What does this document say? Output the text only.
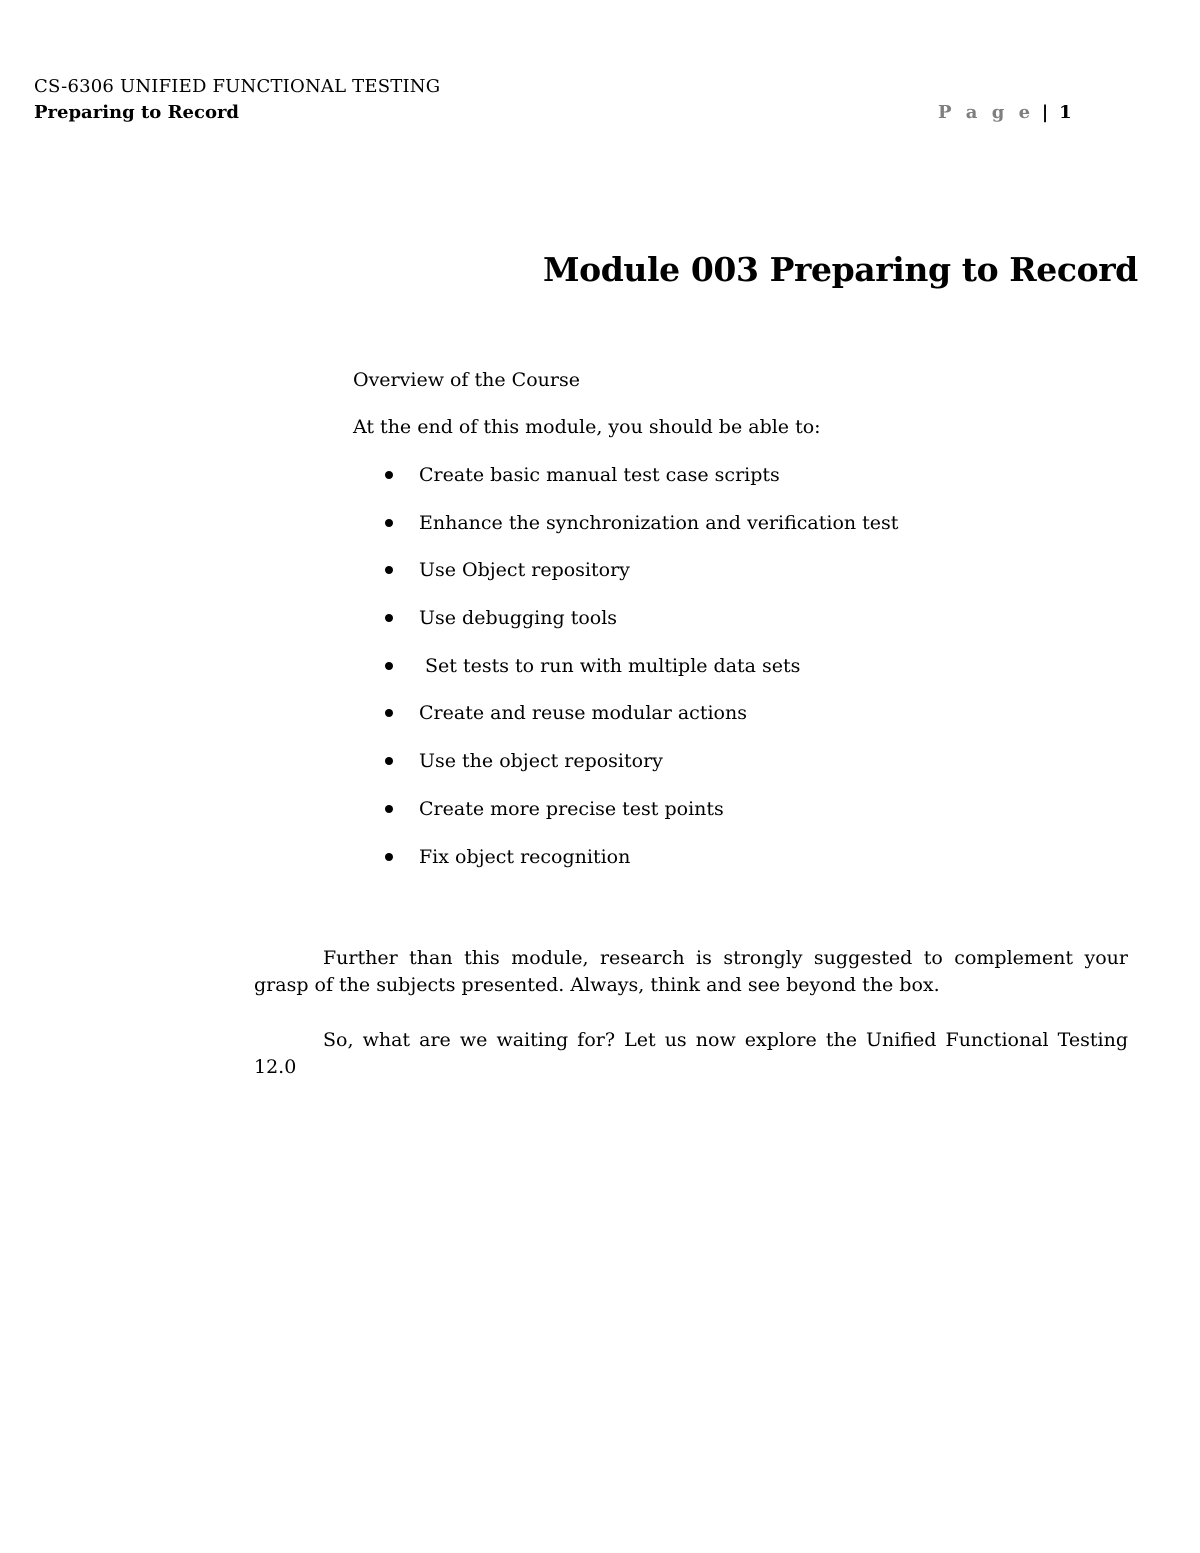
CS-6306 UNIFIED FUNCTIONAL TESTING
Preparing to Record	P a g e | 1
Module 003 Preparing to Record
Overview of the Course
At the end of this module, you should be able to:

Create basic manual test case scripts

Enhance the synchronization and verification test

Use Object repository

Use debugging tools

Set tests to run with multiple data sets

Create and reuse modular actions

Use the object repository

Create more precise test points

Fix object recognition

Further than this module, research is strongly suggested to complement your grasp of the subjects presented. Always, think and see beyond the box.

So, what are we waiting for? Let us now explore the Unified Functional Testing 12.0
